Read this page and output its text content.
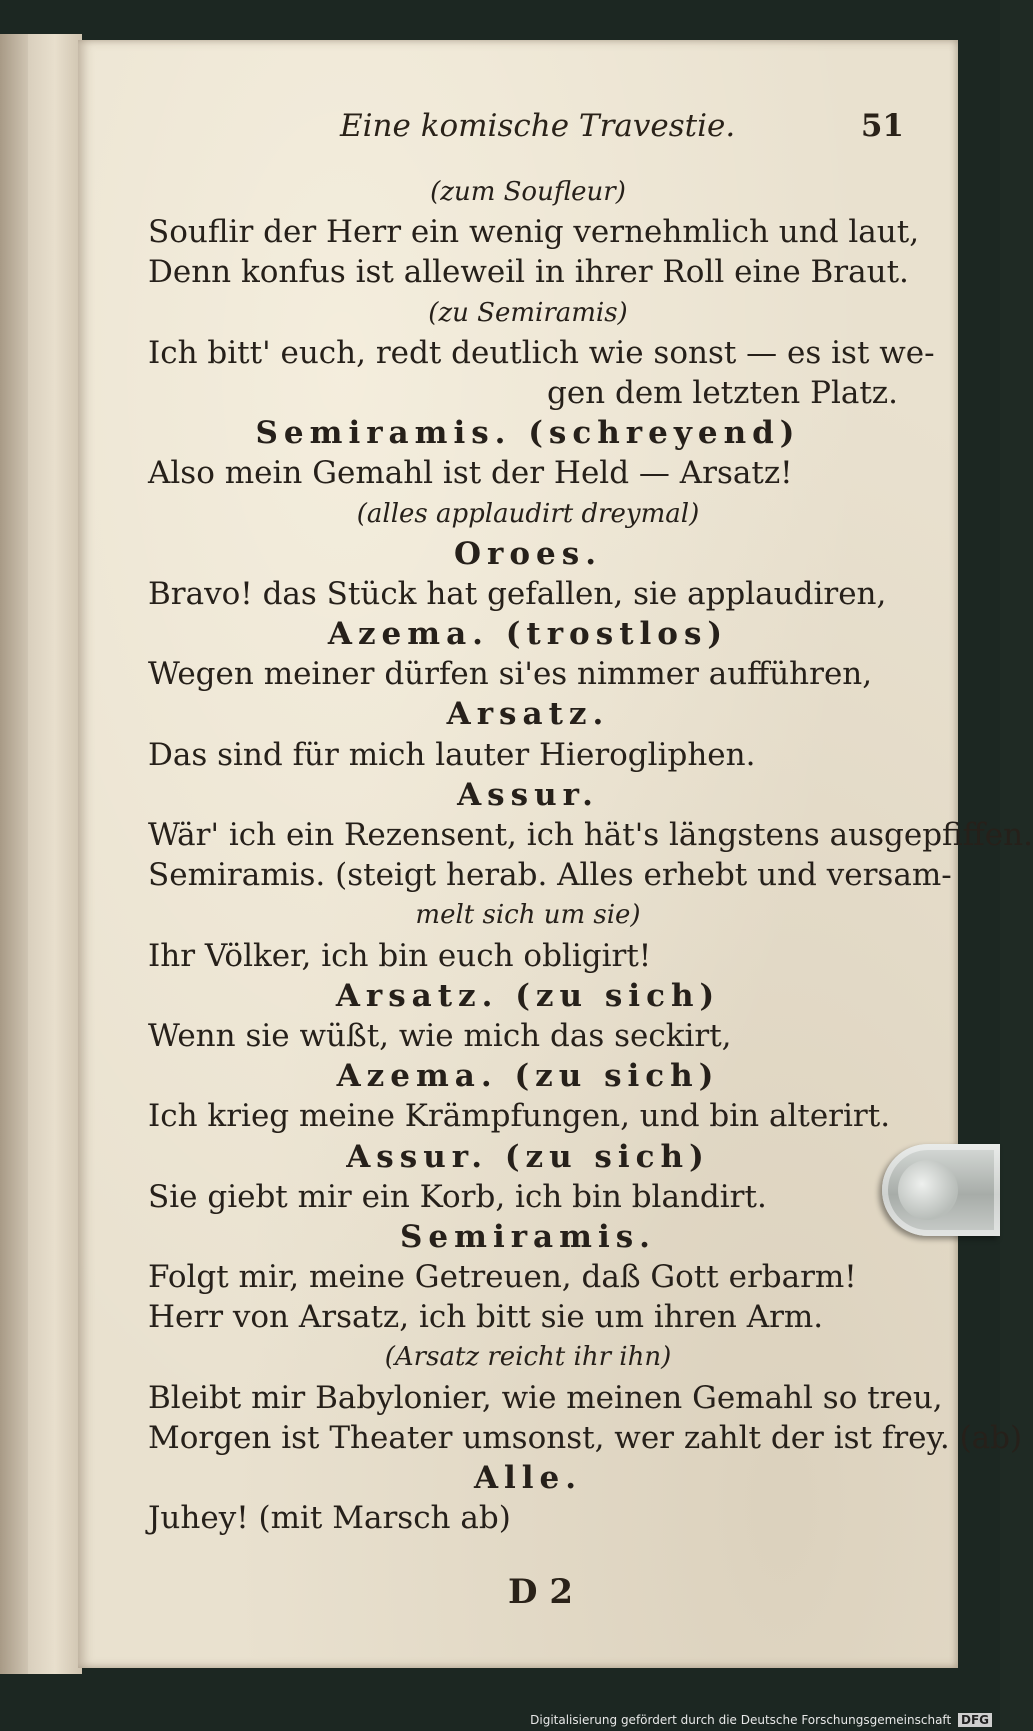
Eine komische Travestie.	51
(zum Soufleur)
Souflir der Herr ein wenig vernehmlich und laut,
Denn konfus ist alleweil in ihrer Roll eine Braut.
(zu Semiramis)
Ich bitt' euch, redt deutlich wie sonst — es ist we-
gen dem letzten Platz.
Semiramis. (schreyend)
Also mein Gemahl ist der Held — Arsatz!
(alles applaudirt dreymal)
Oroes.
Bravo! das Stück hat gefallen, sie applaudiren,
Azema. (trostlos)
Wegen meiner dürfen si'es nimmer aufführen,
Arsatz.
Das sind für mich lauter Hierogliphen.
Assur.
Wär' ich ein Rezensent, ich hät's längstens ausgepfiffen.
Semiramis. (steigt herab. Alles erhebt und versam-
melt sich um sie)
Ihr Völker, ich bin euch obligirt!
Arsatz. (zu sich)
Wenn sie wüßt, wie mich das seckirt,
Azema. (zu sich)
Ich krieg meine Krämpfungen, und bin alterirt.
Assur. (zu sich)
Sie giebt mir ein Korb, ich bin blandirt.
Semiramis.
Folgt mir, meine Getreuen, daß Gott erbarm!
Herr von Arsatz, ich bitt sie um ihren Arm.
(Arsatz reicht ihr ihn)
Bleibt mir Babylonier, wie meinen Gemahl so treu,
Morgen ist Theater umsonst, wer zahlt der ist frey. (ab)
Alle.
Juhey! (mit Marsch ab)
D 2
Digitalisierung gefördert durch die Deutsche Forschungsgemeinschaft DFG
